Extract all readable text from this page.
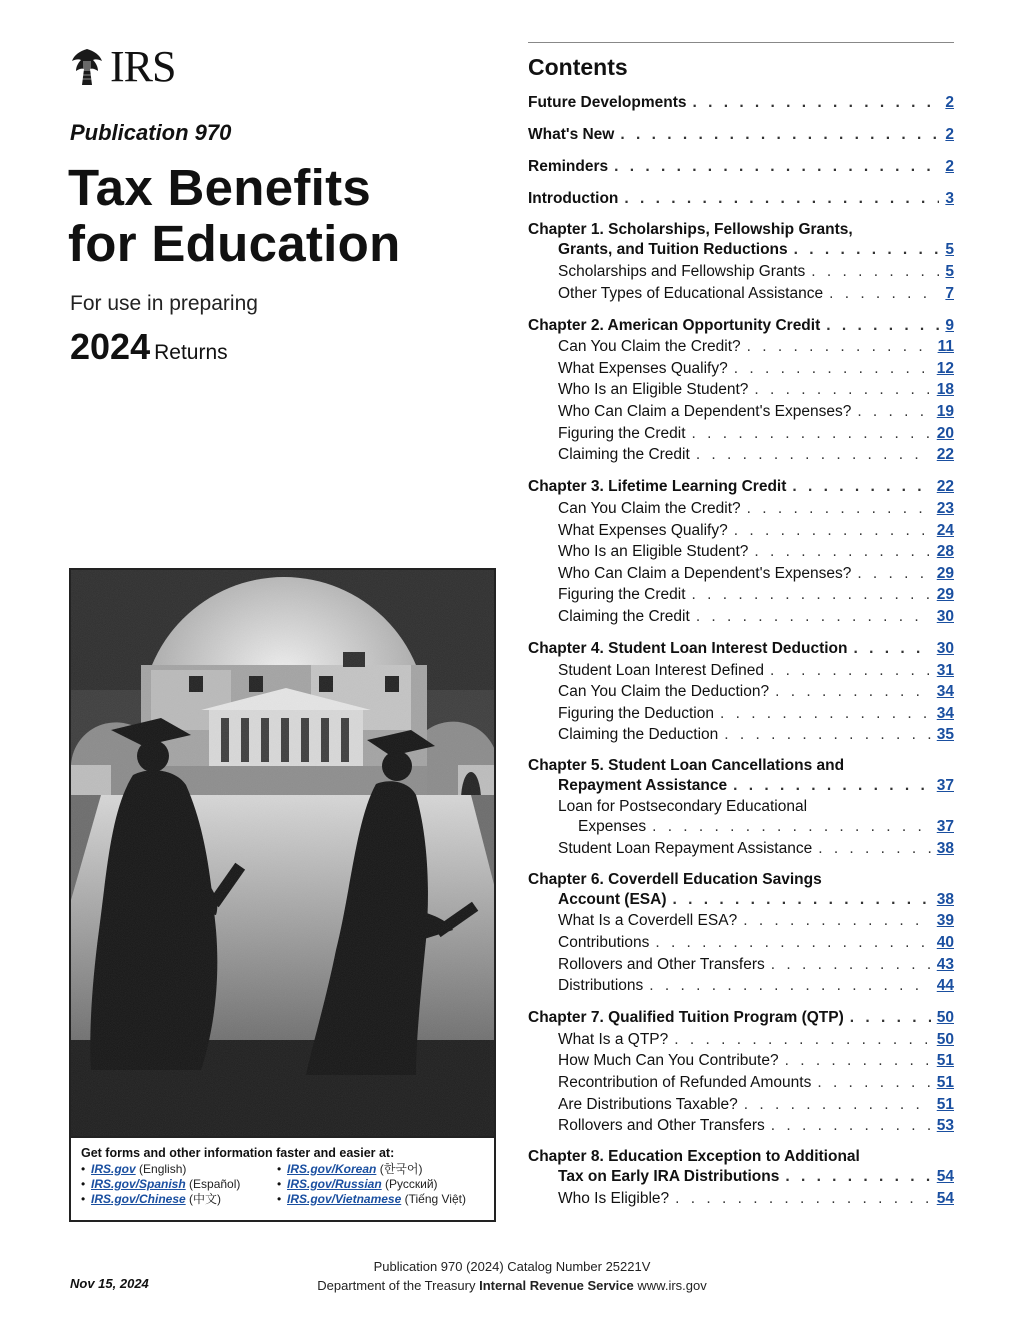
IRS
Publication 970
Tax Benefits
for Education
For use in preparing
2024 Returns
Get forms and other information faster and easier at:
• IRS.gov (English)
• IRS.gov/Spanish (Español)
• IRS.gov/Chinese (中文)
• IRS.gov/Korean (한국어)
• IRS.gov/Russian (Русский)
• IRS.gov/Vietnamese (Tiếng Việt)
Contents
Future Developments . . .	2
What's New . . .	2
Reminders . . .	2
Introduction . . .	3
Chapter 1. Scholarships, Fellowship Grants,
Grants, and Tuition Reductions . . .	5
Scholarships and Fellowship Grants . . .	5
Other Types of Educational Assistance . . .	7
Chapter 2. American Opportunity Credit . . .	9
Can You Claim the Credit? . . .	11
What Expenses Qualify? . . .	12
Who Is an Eligible Student? . . .	18
Who Can Claim a Dependent's Expenses? . . .	19
Figuring the Credit . . .	20
Claiming the Credit . . .	22
Chapter 3. Lifetime Learning Credit . . .	22
Can You Claim the Credit? . . .	23
What Expenses Qualify? . . .	24
Who Is an Eligible Student? . . .	28
Who Can Claim a Dependent's Expenses? . . .	29
Figuring the Credit . . .	29
Claiming the Credit . . .	30
Chapter 4. Student Loan Interest Deduction . . .	30
Student Loan Interest Defined . . .	31
Can You Claim the Deduction? . . .	34
Figuring the Deduction . . .	34
Claiming the Deduction . . .	35
Chapter 5. Student Loan Cancellations and
Repayment Assistance . . .	37
Loan for Postsecondary Educational
Expenses . . .	37
Student Loan Repayment Assistance . . .	38
Chapter 6. Coverdell Education Savings
Account (ESA) . . .	38
What Is a Coverdell ESA? . . .	39
Contributions . . .	40
Rollovers and Other Transfers . . .	43
Distributions . . .	44
Chapter 7. Qualified Tuition Program (QTP) . . .	50
What Is a QTP? . . .	50
How Much Can You Contribute? . . .	51
Recontribution of Refunded Amounts . . .	51
Are Distributions Taxable? . . .	51
Rollovers and Other Transfers . . .	53
Chapter 8. Education Exception to Additional
Tax on Early IRA Distributions . . .	54
Who Is Eligible? . . .	54
Publication 970 (2024) Catalog Number 25221V
Department of the Treasury Internal Revenue Service www.irs.gov
Nov 15, 2024
